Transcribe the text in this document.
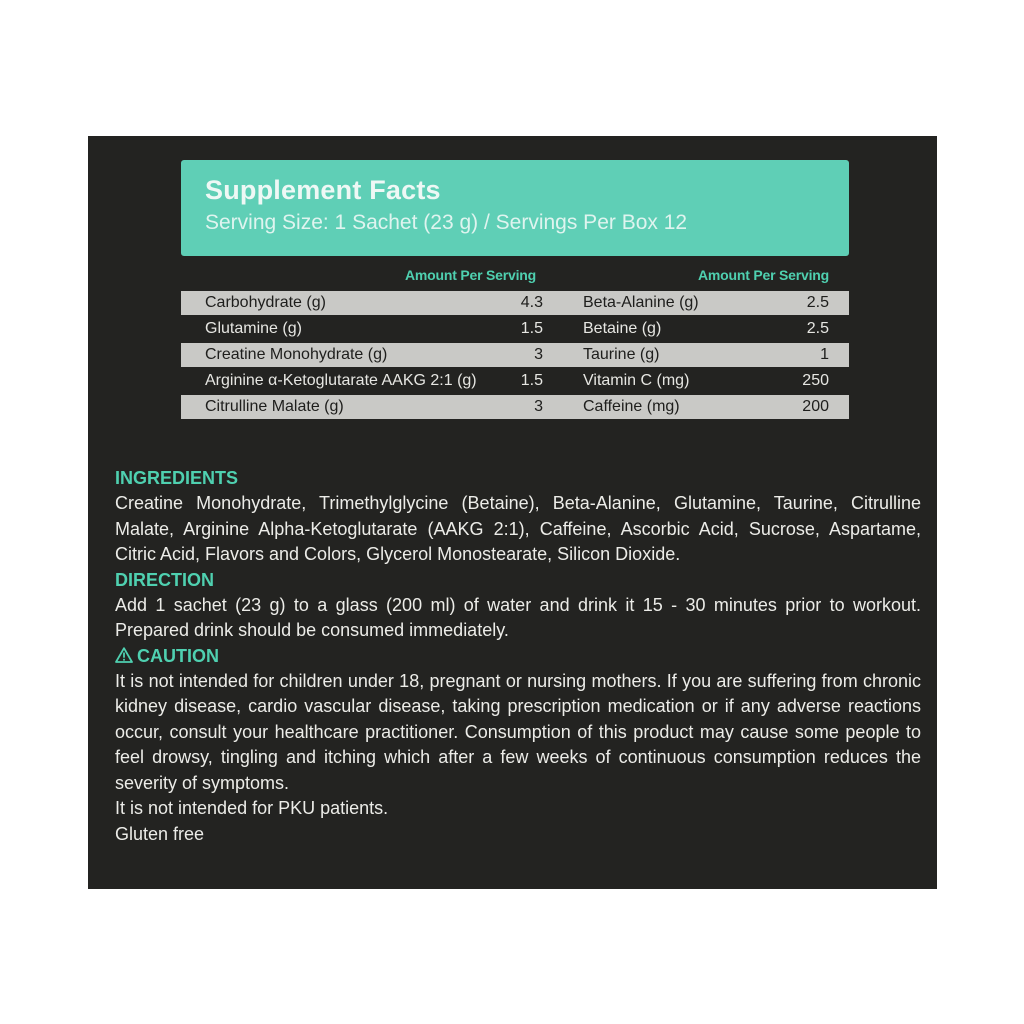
Supplement Facts
Serving Size: 1 Sachet (23 g) / Servings Per Box 12
Amount Per Serving	Amount Per Serving
Carbohydrate (g)	4.3	Beta-Alanine (g)	2.5
Glutamine (g)	1.5	Betaine (g)	2.5
Creatine Monohydrate (g)	3	Taurine (g)	1
Arginine α-Ketoglutarate AAKG 2:1 (g)	1.5	Vitamin C (mg)	250
Citrulline Malate (g)	3	Caffeine (mg)	200
INGREDIENTS

Creatine Monohydrate, Trimethylglycine (Betaine), Beta-Alanine, Glutamine, Taurine, Citrulline Malate, Arginine Alpha-Ketoglutarate (AAKG 2:1), Caffeine, Ascorbic Acid, Sucrose, Aspartame, Citric Acid, Flavors and Colors, Glycerol Monostearate, Silicon Dioxide.

DIRECTION

Add 1 sachet (23 g) to a glass (200 ml) of water and drink it 15 - 30 minutes prior to workout. Prepared drink should be consumed immediately.

CAUTION

It is not intended for children under 18, pregnant or nursing mothers. If you are suffering from chronic kidney disease, cardio vascular disease, taking prescription medication or if any adverse reactions occur, consult your healthcare practitioner. Consumption of this product may cause some people to feel drowsy, tingling and itching which after a few weeks of continuous consumption reduces the severity of symptoms.

It is not intended for PKU patients.

Gluten free
